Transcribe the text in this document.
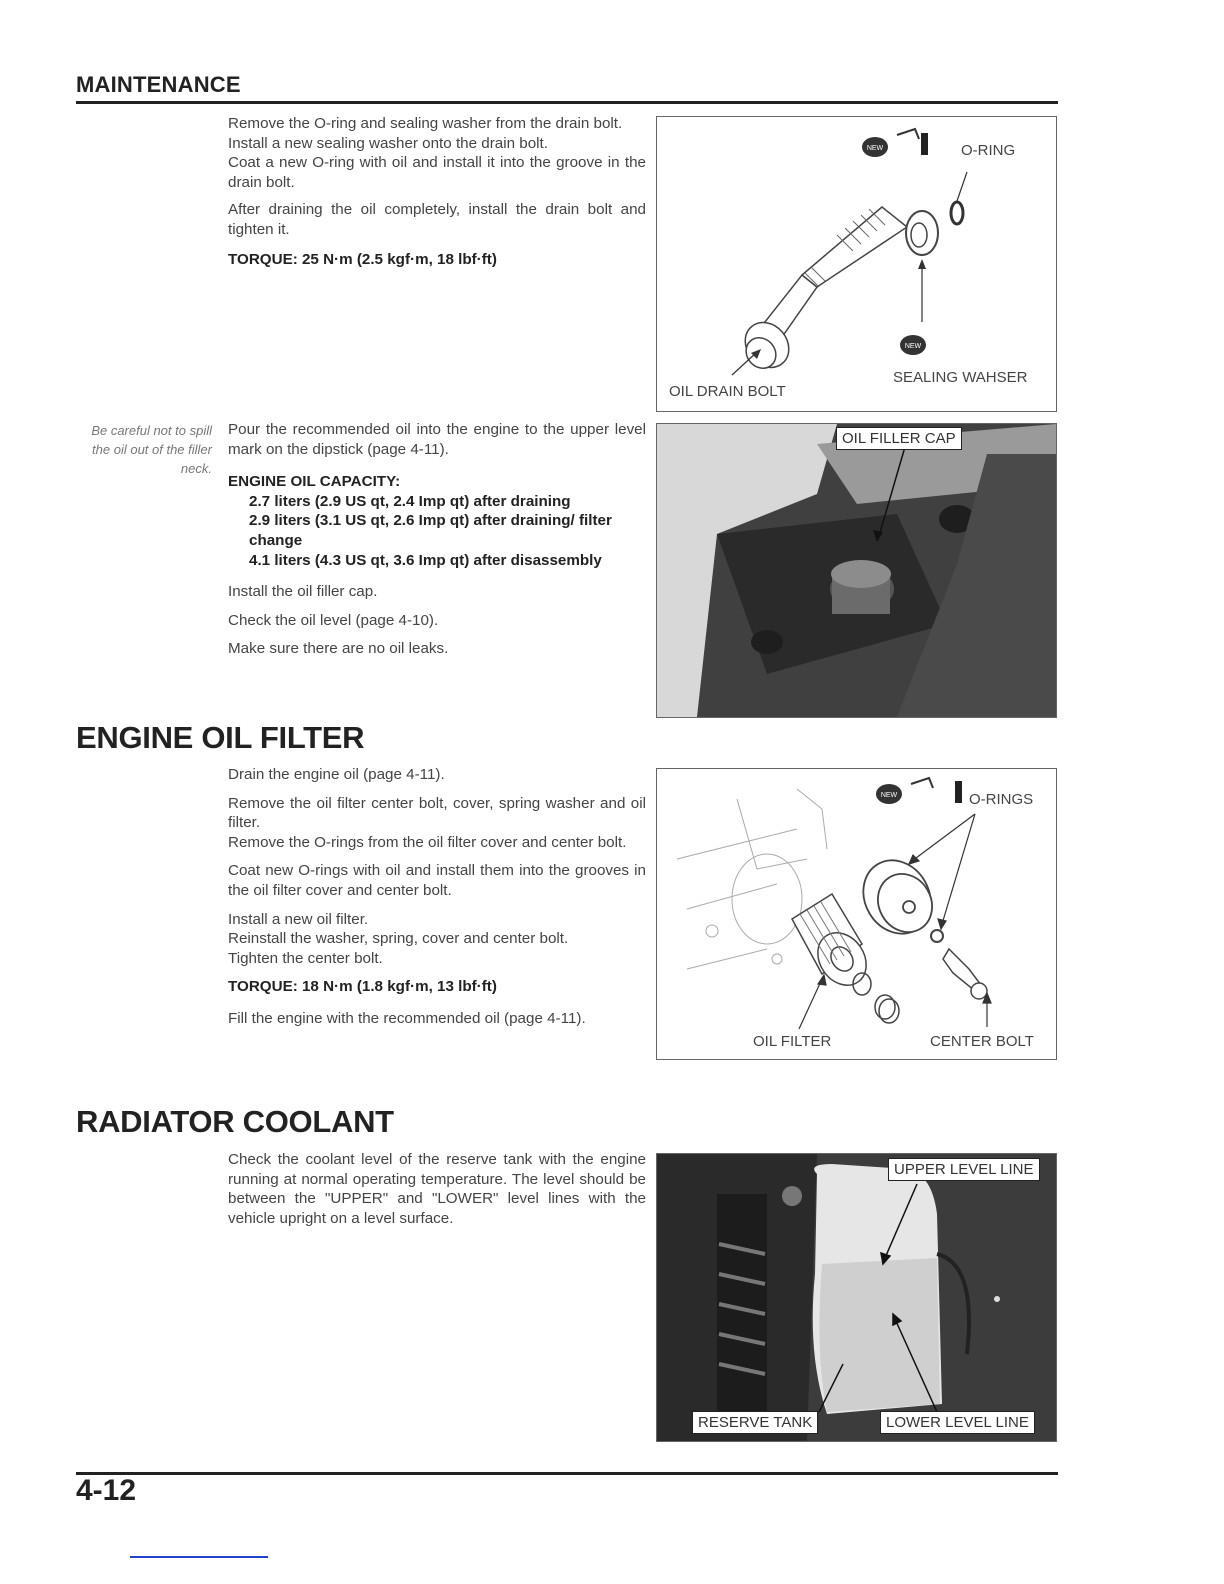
MAINTENANCE

Remove the O-ring and sealing washer from the drain bolt.

Install a new sealing washer onto the drain bolt.

Coat a new O-ring with oil and install it into the groove in the drain bolt.

After draining the oil completely, install the drain bolt and tighten it.

TORQUE: 25 N·m (2.5 kgf·m, 18 lbf·ft)

NEW
NEW
O-RING
OIL DRAIN BOLT
SEALING WAHSER
Be careful not to spill the oil out of the filler neck.

Pour the recommended oil into the engine to the upper level mark on the dipstick (page 4-11).

ENGINE OIL CAPACITY:

2.7 liters (2.9 US qt, 2.4 Imp qt) after draining

2.9 liters (3.1 US qt, 2.6 Imp qt) after draining/ filter change

4.1 liters (4.3 US qt, 3.6 Imp qt) after disassembly

Install the oil filler cap.

Check the oil level (page 4-10).

Make sure there are no oil leaks.

OIL FILLER CAP
ENGINE OIL FILTER

Drain the engine oil (page 4-11).

Remove the oil filter center bolt, cover, spring washer and oil filter.

Remove the O-rings from the oil filter cover and center bolt.

Coat new O-rings with oil and install them into the grooves in the oil filter cover and center bolt.

Install a new oil filter.

Reinstall the washer, spring, cover and center bolt.

Tighten the center bolt.

TORQUE: 18 N·m (1.8 kgf·m, 13 lbf·ft)

Fill the engine with the recommended oil (page 4-11).

NEW	O-RINGS
OIL FILTER	CENTER BOLT
RADIATOR COOLANT

Check the coolant level of the reserve tank with the engine running at normal operating temperature. The level should be between the "UPPER" and "LOWER" level lines with the vehicle upright on a level surface.

UPPER LEVEL LINE
RESERVE TANK	LOWER LEVEL LINE
4-12
